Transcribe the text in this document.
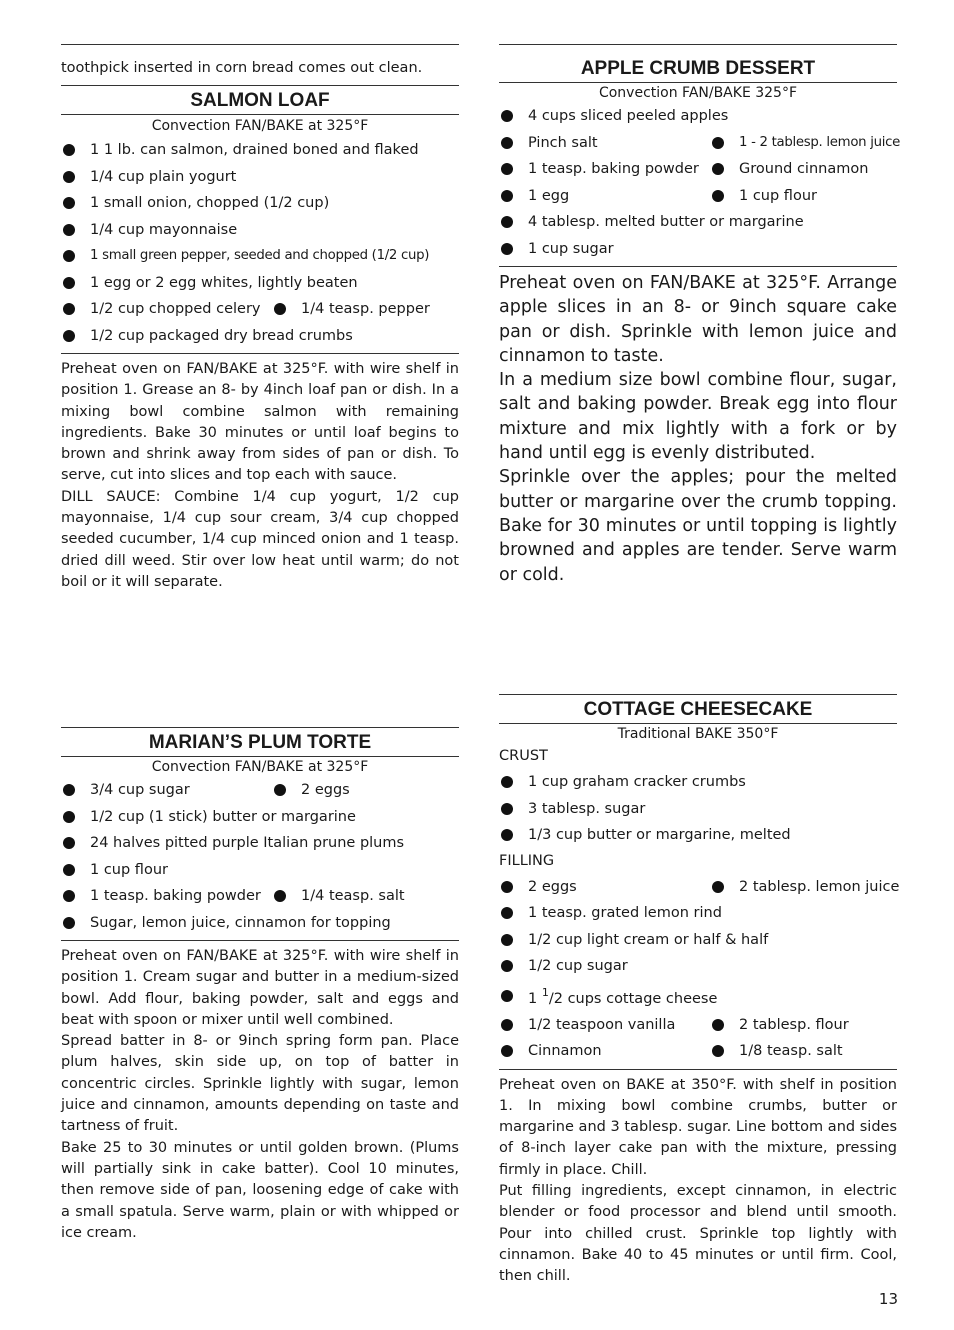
toothpick inserted in corn bread comes out clean.
SALMON LOAF
Convection FAN/BAKE at 325°F
1 1 lb. can salmon, drained boned and flaked
1/4 cup plain yogurt
1 small onion, chopped (1/2 cup)
1/4 cup mayonnaise
1 small green pepper, seeded and chopped (1/2 cup)
1 egg or 2 egg whites, lightly beaten
1/2 cup chopped celery	1/4 teasp. pepper
1/2 cup packaged dry bread crumbs

Preheat oven on FAN/BAKE at 325°F. with wire shelf in position 1. Grease an 8- by 4inch loaf pan or dish. In a mixing bowl combine salmon with remaining ingredients. Bake 30 minutes or until loaf begins to brown and shrink away from sides of pan or dish. To serve, cut into slices and top each with sauce.

DILL SAUCE: Combine 1/4 cup yogurt, 1/2 cup mayonnaise, 1/4 cup sour cream, 3/4 cup chopped seeded cucumber, 1/4 cup minced onion and 1 teasp. dried dill weed. Stir over low heat until warm; do not boil or it will separate.

APPLE CRUMB DESSERT
Convection FAN/BAKE 325°F
4 cups sliced peeled apples
Pinch salt	1 - 2 tablesp. lemon juice
1 teasp. baking powder	Ground cinnamon
1 egg	1 cup flour
4 tablesp. melted butter or margarine
1 cup sugar

Preheat oven on FAN/BAKE at 325°F. Arrange apple slices in an 8- or 9inch square cake pan or dish. Sprinkle with lemon juice and cinnamon to taste.

In a medium size bowl combine flour, sugar, salt and baking powder. Break egg into flour mixture and mix lightly with a fork or by hand until egg is evenly distributed.

Sprinkle over the apples; pour the melted butter or margarine over the crumb topping. Bake for 30 minutes or until topping is lightly browned and apples are tender. Serve warm or cold.

MARIAN’S PLUM TORTE
Convection FAN/BAKE at 325°F
3/4 cup sugar	2 eggs
1/2 cup (1 stick) butter or margarine
24 halves pitted purple Italian prune plums
1 cup flour
1 teasp. baking powder	1/4 teasp. salt
Sugar, lemon juice, cinnamon for topping

Preheat oven on FAN/BAKE at 325°F. with wire shelf in position 1. Cream sugar and butter in a medium-sized bowl. Add flour, baking powder, salt and eggs and beat with spoon or mixer until well combined.

Spread batter in 8- or 9inch spring form pan. Place plum halves, skin side up, on top of batter in concentric circles. Sprinkle lightly with sugar, lemon juice and cinnamon, amounts depending on taste and tartness of fruit.

Bake 25 to 30 minutes or until golden brown. (Plums will partially sink in cake batter). Cool 10 minutes, then remove side of pan, loosening edge of cake with a small spatula. Serve warm, plain or with whipped or ice cream.

COTTAGE CHEESECAKE
Traditional BAKE 350°F
CRUST
1 cup graham cracker crumbs
3 tablesp. sugar
1/3 cup butter or margarine, melted
FILLING
2 eggs	2 tablesp. lemon juice
1 teasp. grated lemon rind
1/2 cup light cream or half & half
1/2 cup sugar
1 $^1$/2 cups cottage cheese
1/2 teaspoon vanilla	2 tablesp. flour
Cinnamon	1/8 teasp. salt

Preheat oven on BAKE at 350°F. with shelf in position 1. In mixing bowl combine crumbs, butter or margarine and 3 tablesp. sugar. Line bottom and sides of 8-inch layer cake pan with the mixture, pressing firmly in place. Chill.

Put filling ingredients, except cinnamon, in electric blender or food processor and blend until smooth. Pour into chilled crust. Sprinkle top lightly with cinnamon. Bake 40 to 45 minutes or until firm. Cool, then chill.

13
